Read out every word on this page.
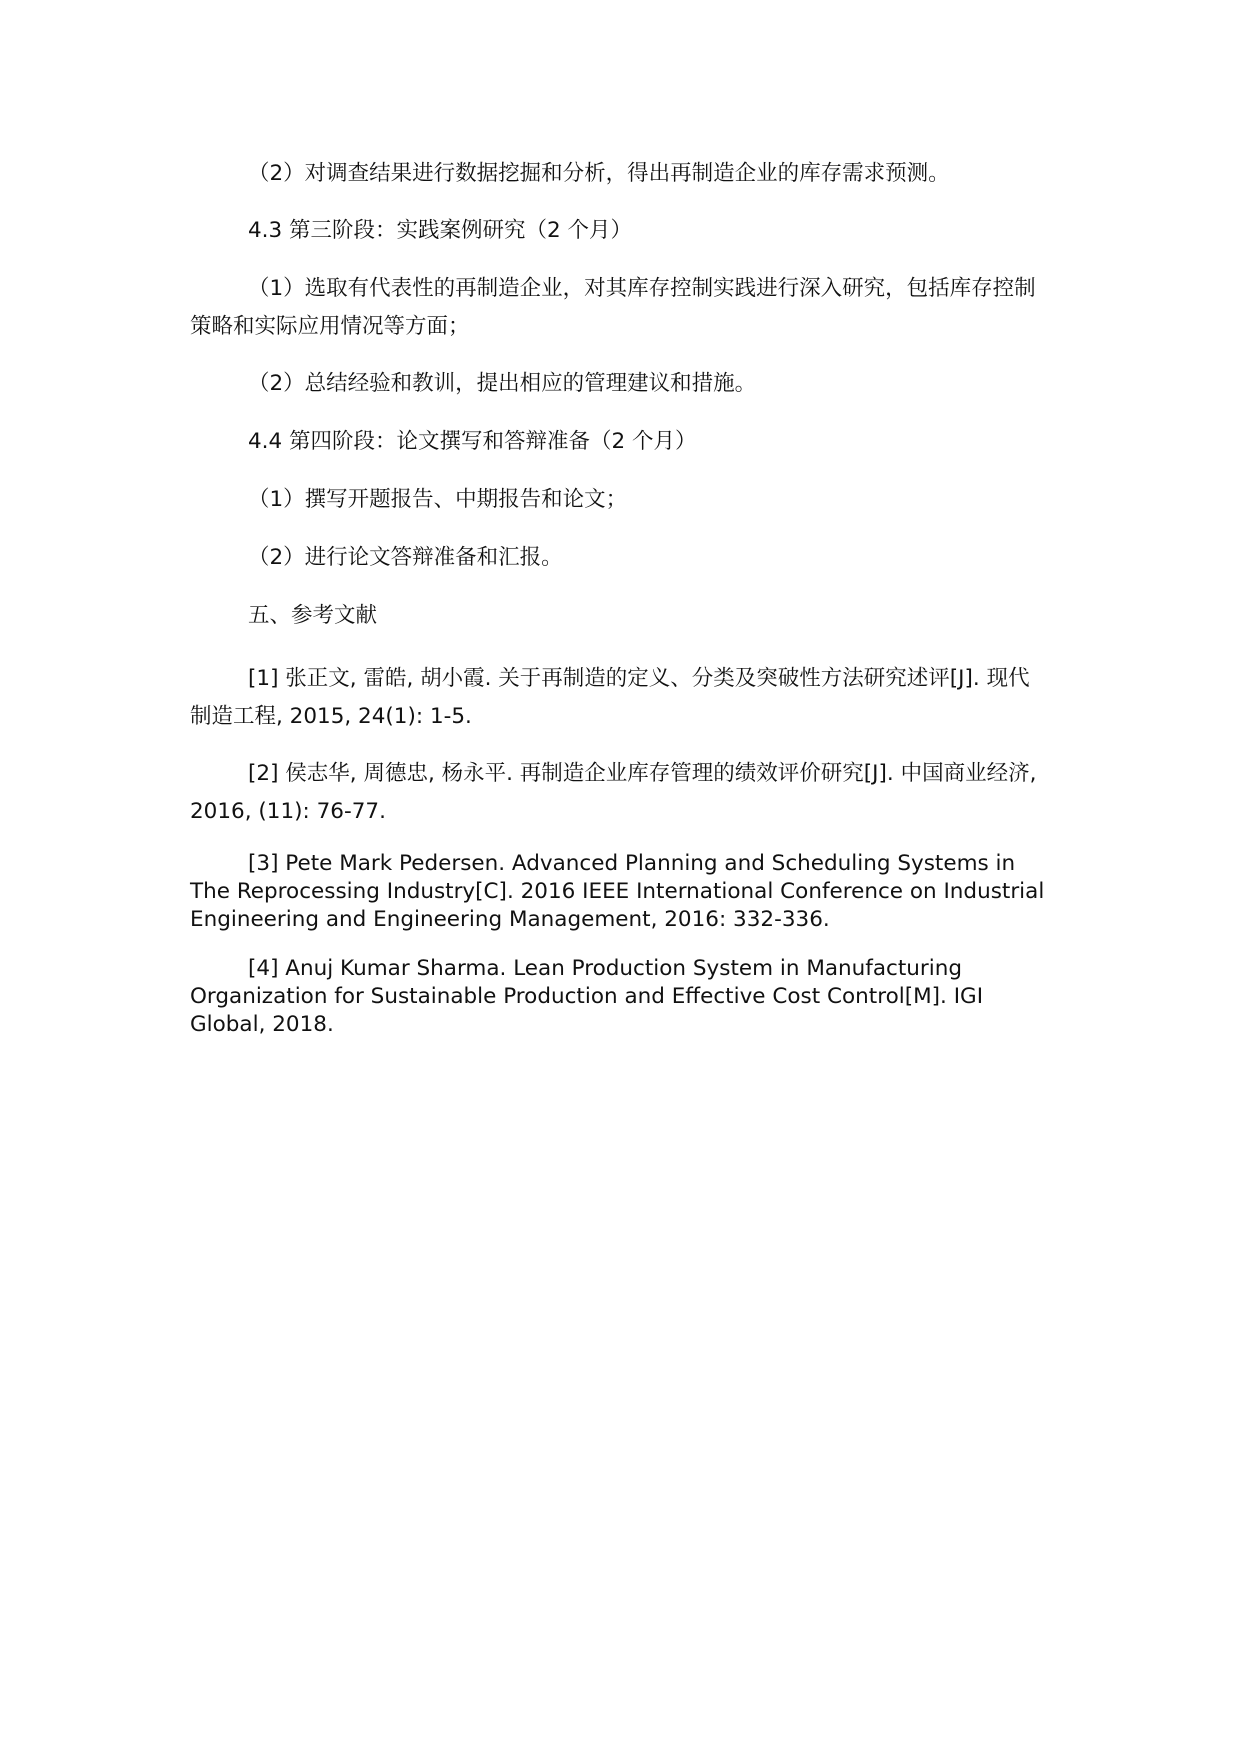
（2）对调查结果进行数据挖掘和分析，得出再制造企业的库存需求预测。

4.3 第三阶段：实践案例研究（2 个月）

（1）选取有代表性的再制造企业，对其库存控制实践进行深入研究，包括库存控制策略和实际应用情况等方面；

（2）总结经验和教训，提出相应的管理建议和措施。

4.4 第四阶段：论文撰写和答辩准备（2 个月）

（1）撰写开题报告、中期报告和论文；

（2）进行论文答辩准备和汇报。

五、参考文献

[1] 张正文, 雷皓, 胡小霞. 关于再制造的定义、分类及突破性方法研究述评[J]. 现代制造工程, 2015, 24(1): 1-5.

[2] 侯志华, 周德忠, 杨永平. 再制造企业库存管理的绩效评价研究[J]. 中国商业经济, 2016, (11): 76-77.

[3] Pete Mark Pedersen. Advanced Planning and Scheduling Systems in The Reprocessing Industry[C]. 2016 IEEE International Conference on Industrial Engineering and Engineering Management, 2016: 332-336.

[4] Anuj Kumar Sharma. Lean Production System in Manufacturing Organization for Sustainable Production and Effective Cost Control[M]. IGI Global, 2018.
